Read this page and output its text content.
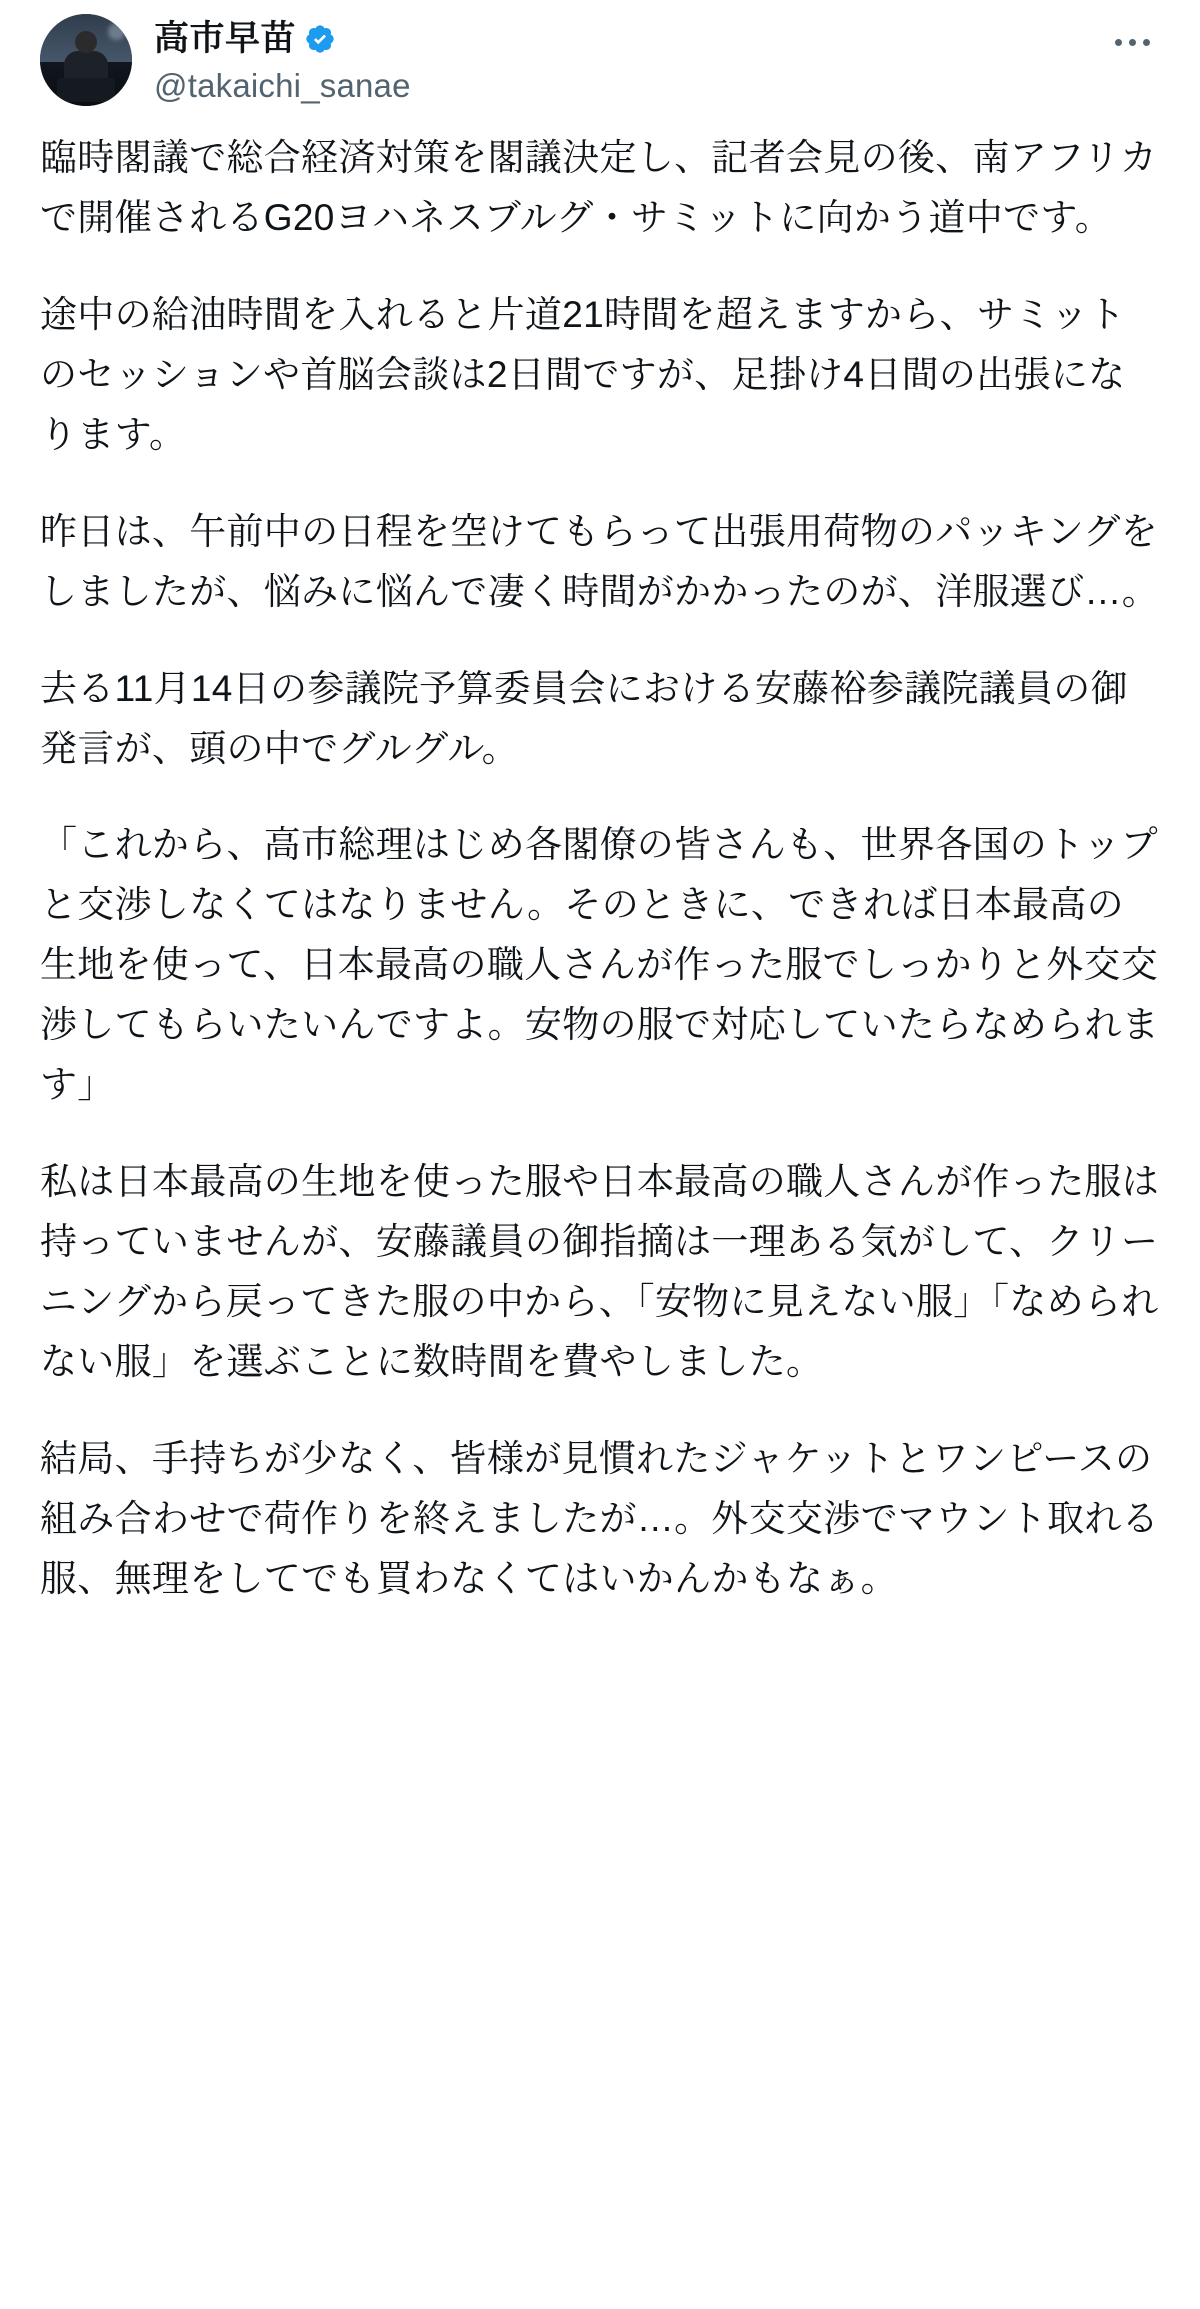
高市早苗
@takaichi_sanae

臨時閣議で総合経済対策を閣議決定し、記者会見の後、南アフリカで開催されるG20ヨハネスブルグ・サミットに向かう道中です。

途中の給油時間を入れると片道21時間を超えますから、サミットのセッションや首脳会談は2日間ですが、足掛け4日間の出張になります。

昨日は、午前中の日程を空けてもらって出張用荷物のパッキングをしましたが、悩みに悩んで凄く時間がかかったのが、洋服選び…。

去る11月14日の参議院予算委員会における安藤裕参議院議員の御発言が、頭の中でグルグル。

「これから、高市総理はじめ各閣僚の皆さんも、世界各国のトップと交渉しなくてはなりません。そのときに、できれば日本最高の生地を使って、日本最高の職人さんが作った服でしっかりと外交交渉してもらいたいんですよ。安物の服で対応していたらなめられます」

私は日本最高の生地を使った服や日本最高の職人さんが作った服は持っていませんが、安藤議員の御指摘は一理ある気がして、クリーニングから戻ってきた服の中から、「安物に見えない服」「なめられない服」を選ぶことに数時間を費やしました。

結局、手持ちが少なく、皆様が見慣れたジャケットとワンピースの組み合わせで荷作りを終えましたが…。外交交渉でマウント取れる服、無理をしてでも買わなくてはいかんかもなぁ。
